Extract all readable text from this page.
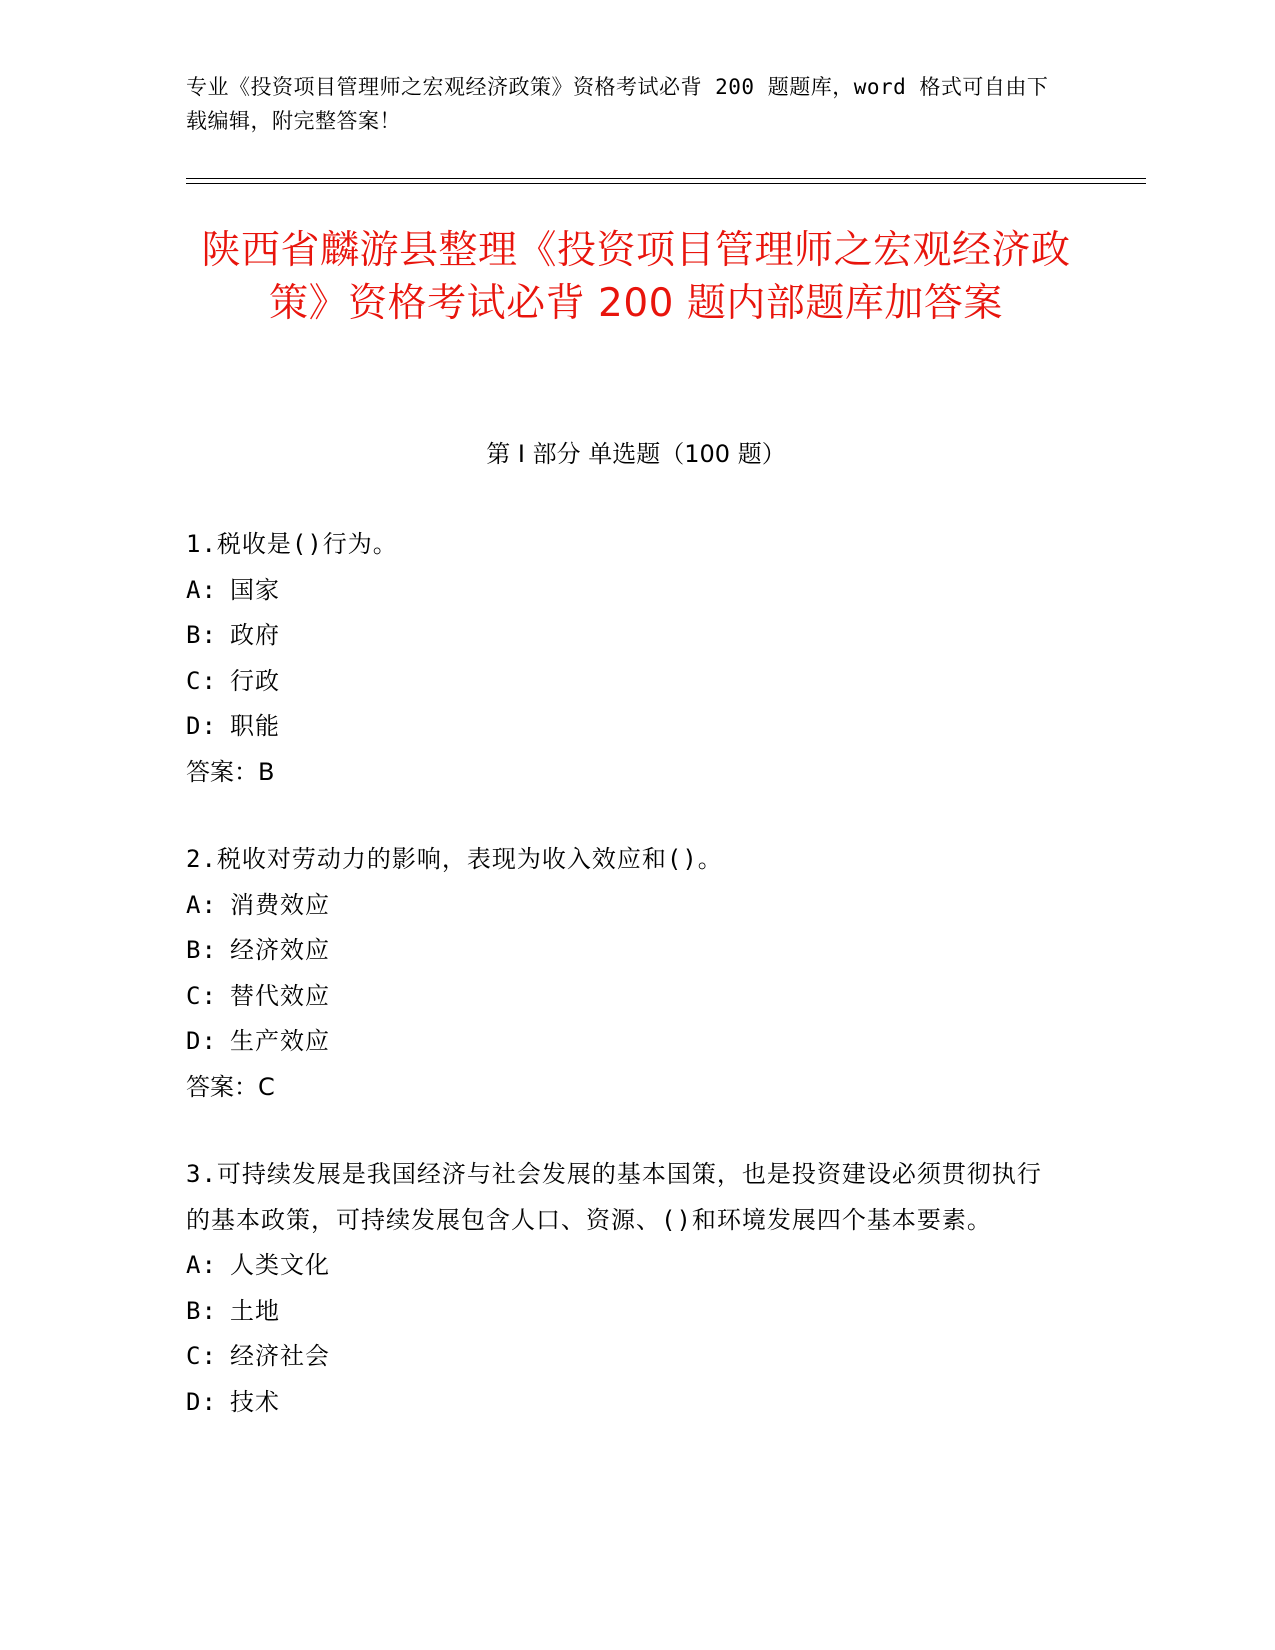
专业《投资项目管理师之宏观经济政策》资格考试必背 200 题题库，word 格式可自由下载编辑，附完整答案！
陕西省麟游县整理《投资项目管理师之宏观经济政策》资格考试必背 200 题内部题库加答案
第 I 部分 单选题（100 题）
1.税收是()行为。
A: 国家
B: 政府
C: 行政
D: 职能
答案：B
2.税收对劳动力的影响，表现为收入效应和()。
A: 消费效应
B: 经济效应
C: 替代效应
D: 生产效应
答案：C
3.可持续发展是我国经济与社会发展的基本国策，也是投资建设必须贯彻执行的基本政策，可持续发展包含人口、资源、()和环境发展四个基本要素。
A: 人类文化
B: 土地
C: 经济社会
D: 技术
